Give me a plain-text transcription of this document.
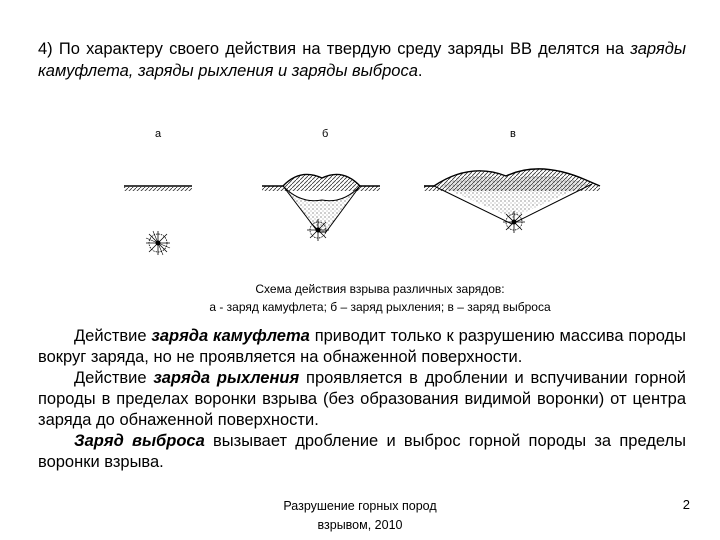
4) По характеру своего действия на твердую среду заряды ВВ делятся на заряды камуфлета, заряды рыхления и заряды выброса.
а	б	в
Схема действия взрыва различных зарядов:
а - заряд камуфлета; б – заряд рыхления; в – заряд выброса

Действие заряда камуфлета приводит только к разрушению массива породы вокруг заряда, но не проявляется на обнаженной поверхности.

Действие заряда рыхления проявляется в дроблении и вспучивании горной породы в пределах воронки взрыва (без образования видимой воронки) от центра заряда до обнаженной поверхности.

Заряд выброса вызывает дробление и выброс горной породы за пределы воронки взрыва.

Разрушение горных пород
взрывом, 2010
2
